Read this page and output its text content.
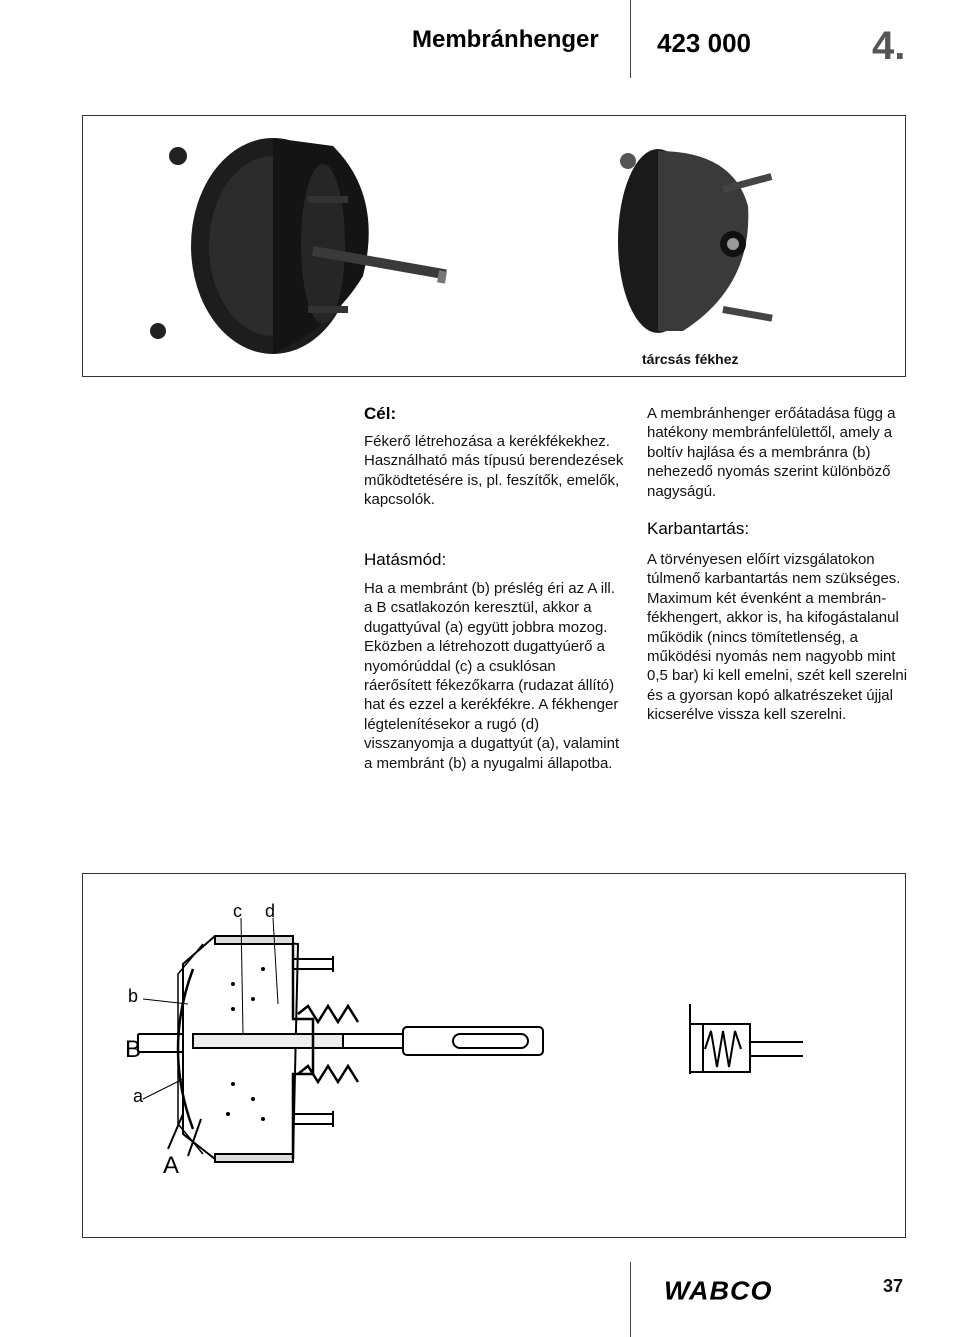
Membránhenger 423 000	4.
tárcsás fékhez
Cél:
Fékerő létrehozása a kerékfékekhez. Használható más típusú berendezések működtetésére is, pl. feszítők, emelők, kapcsolók.
Hatásmód:
Ha a membránt (b) préslég éri az A ill. a B csatlakozón keresztül, akkor a dugattyúval (a) együtt jobbra mozog. Eközben a létrehozott dugattyúerő a nyomórúddal (c) a csuklósan ráerősített fékezőkarra (rudazat állító) hat és ezzel a kerékfékre. A fékhenger légtelenítésekor a rugó (d) visszanyomja a dugattyút (a), valamint a membránt (b) a nyugalmi állapotba.
A membránhenger erőátadása függ a hatékony membránfelülettől, amely a boltív hajlása és a membránra (b) nehezedő nyomás szerint különböző nagyságú.
Karbantartás:
A törvényesen előírt vizsgálatokon túlmenő karbantartás nem szükséges. Maximum két évenként a membrán-fékhengert, akkor is, ha kifogástalanul működik (nincs tömítetlenség, a működési nyomás nem nagyobb mint 0,5 bar) ki kell emelni, szét kell szerelni és a gyorsan kopó alkatrészeket újjal kicserélve vissza kell szerelni.
c d
b
B
a
A
WABCO	37
